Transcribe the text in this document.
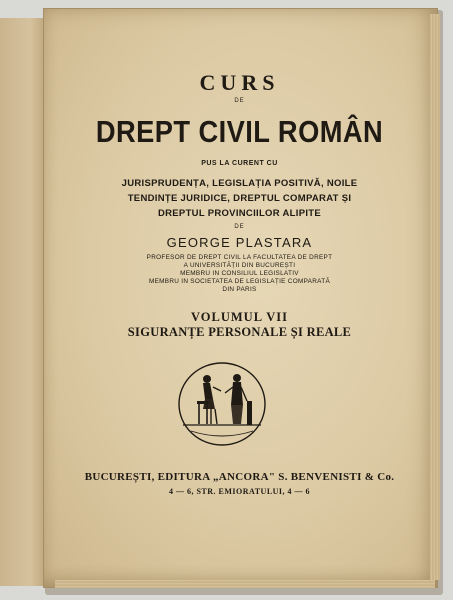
CURS
DE
DREPT CIVIL ROMÂN
PUS LA CURENT CU
JURISPRUDENȚA, LEGISLAȚIA POSITIVĂ, NOILE
TENDINȚE JURIDICE, DREPTUL COMPARAT ȘI
DREPTUL PROVINCIILOR ALIPITE
DE
GEORGE PLASTARA
PROFESOR DE DREPT CIVIL LA FACULTATEA DE DREPT
A UNIVERSITĂȚII DIN BUCUREȘTI
MEMBRU IN CONSILIUL LEGISLATIV
MEMBRU IN SOCIETATEA DE LEGISLAȚIE COMPARATĂ
DIN PARIS
VOLUMUL VII
SIGURANȚE PERSONALE ȘI REALE
BUCUREȘTI, EDITURA „ANCORA" S. BENVENISTI & Co.
4 — 6, STR. EMIORATULUI, 4 — 6
